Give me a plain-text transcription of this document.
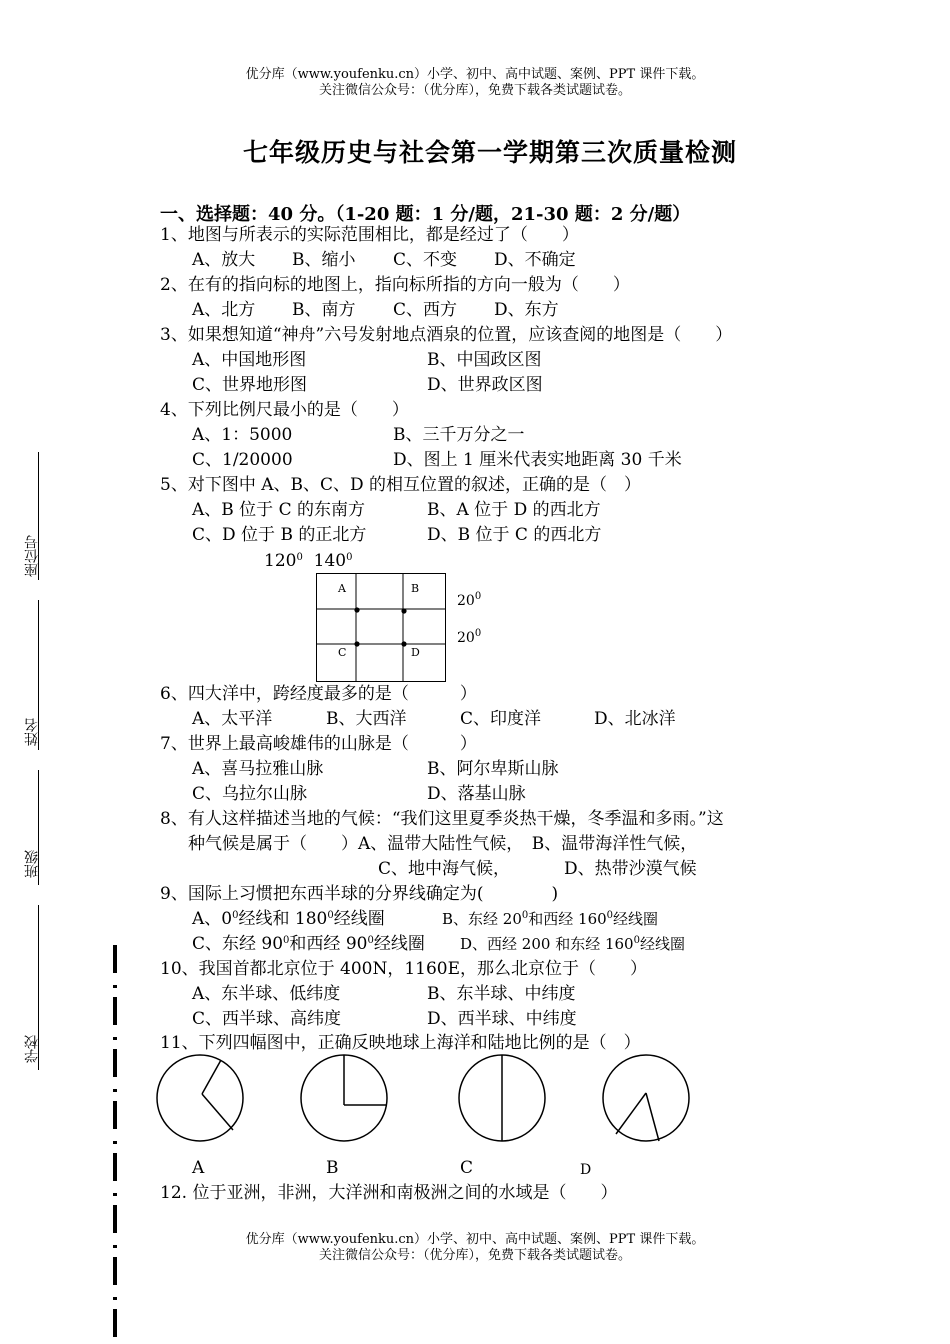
优分库（www.youfenku.cn）小学、初中、高中试题、案例、PPT 课件下载。
关注微信公众号：（优分库），免费下载各类试题试卷。
七年级历史与社会第一学期第三次质量检测
一、选择题：40 分。（1-20 题：1 分/题，21-30 题：2 分/题）
座位号
姓名
班级
学校
1、地图与所表示的实际范围相比，都是经过了（　　）
A、放大 B、缩小 C、不变 D、不确定
2、在有的指向标的地图上，指向标所指的方向一般为（　　）
A、北方 B、南方 C、西方 D、东方
3、如果想知道“神舟”六号发射地点酒泉的位置，应该查阅的地图是（　　）
A、中国地形图	B、中国政区图
C、世界地形图	D、世界政区图
4、下列比例尺最小的是（　　）
A、1：5000	B、三千万分之一
C、1/20000	D、图上 1 厘米代表实地距离 30 千米
5、对下图中 A、B、C、D 的相互位置的叙述，正确的是（　）
A、B 位于 C 的东南方	B、A 位于 D 的西北方
C、D 位于 B 的正北方	D、B 位于 C 的西北方
$120^0$ $140^0$
A	B
C	D
$20^0$
$20^0$
6、四大洋中，跨经度最多的是（　　　）
A、太平洋	B、大西洋	C、印度洋	D、北冰洋
7、世界上最高峻雄伟的山脉是（　　　）
A、喜马拉雅山脉	B、阿尔卑斯山脉
C、乌拉尔山脉	D、落基山脉
8、有人这样描述当地的气候：“我们这里夏季炎热干燥，冬季温和多雨。”这
种气候是属于（　　）A、温带大陆性气候，　B、温带海洋性气候，
C、地中海气候，	D、热带沙漠气候
9、国际上习惯把东西半球的分界线确定为(　　　　)
A、$0^0$经线和 $180^0$经线圈	B、东经 $20^0$和西经 $160^0$经线圈
C、东经 $90^0$和西经 $90^0$经线圈 D、西经 200 和东经 $160^0$经线圈
10、我国首都北京位于 400N，1160E，那么北京位于（　　）
A、东半球、低纬度	B、东半球、中纬度
C、西半球、高纬度	D、西半球、中纬度
11、下列四幅图中，正确反映地球上海洋和陆地比例的是（　）
A	B	C	D
12. 位于亚洲，非洲，大洋洲和南极洲之间的水域是（　　）
优分库（www.youfenku.cn）小学、初中、高中试题、案例、PPT 课件下载。
关注微信公众号：（优分库），免费下载各类试题试卷。
